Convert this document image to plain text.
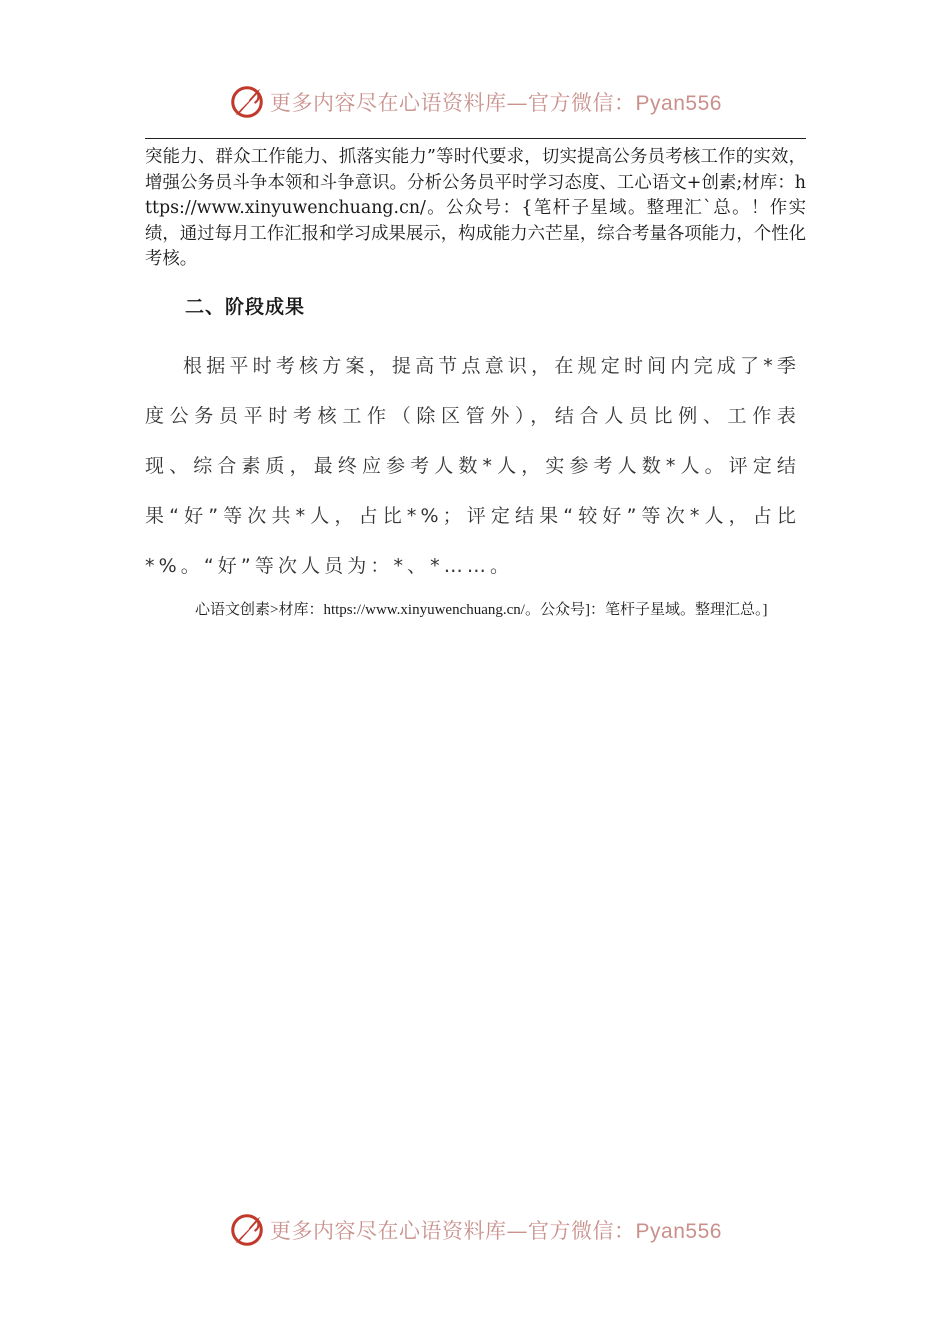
更多内容尽在心语资料库—官方微信：Pyan556

突能力、群众工作能力、抓落实能力”等时代要求，切实提高公务员考核工作的实效，增强公务员斗争本领和斗争意识。分析公务员平时学习态度、工心语文+创素;材库：https://www.xinyuwenchuang.cn/。公众号：{笔杆子星域。整理汇`总。！作实绩，通过每月工作汇报和学习成果展示，构成能力六芒星，综合考量各项能力，个性化考核。

二、阶段成果

根据平时考核方案，提高节点意识，在规定时间内完成了*季度公务员平时考核工作（除区管外），结合人员比例、工作表现、综合素质，最终应参考人数*人，实参考人数*人。评定结果“好”等次共*人，占比*%；评定结果“较好”等次*人，占比*%。“好”等次人员为：*、*……。

心语文创素>材库：https://www.xinyuwenchuang.cn/。公众号]：笔杆子星域。整理汇总。]

更多内容尽在心语资料库—官方微信：Pyan556
